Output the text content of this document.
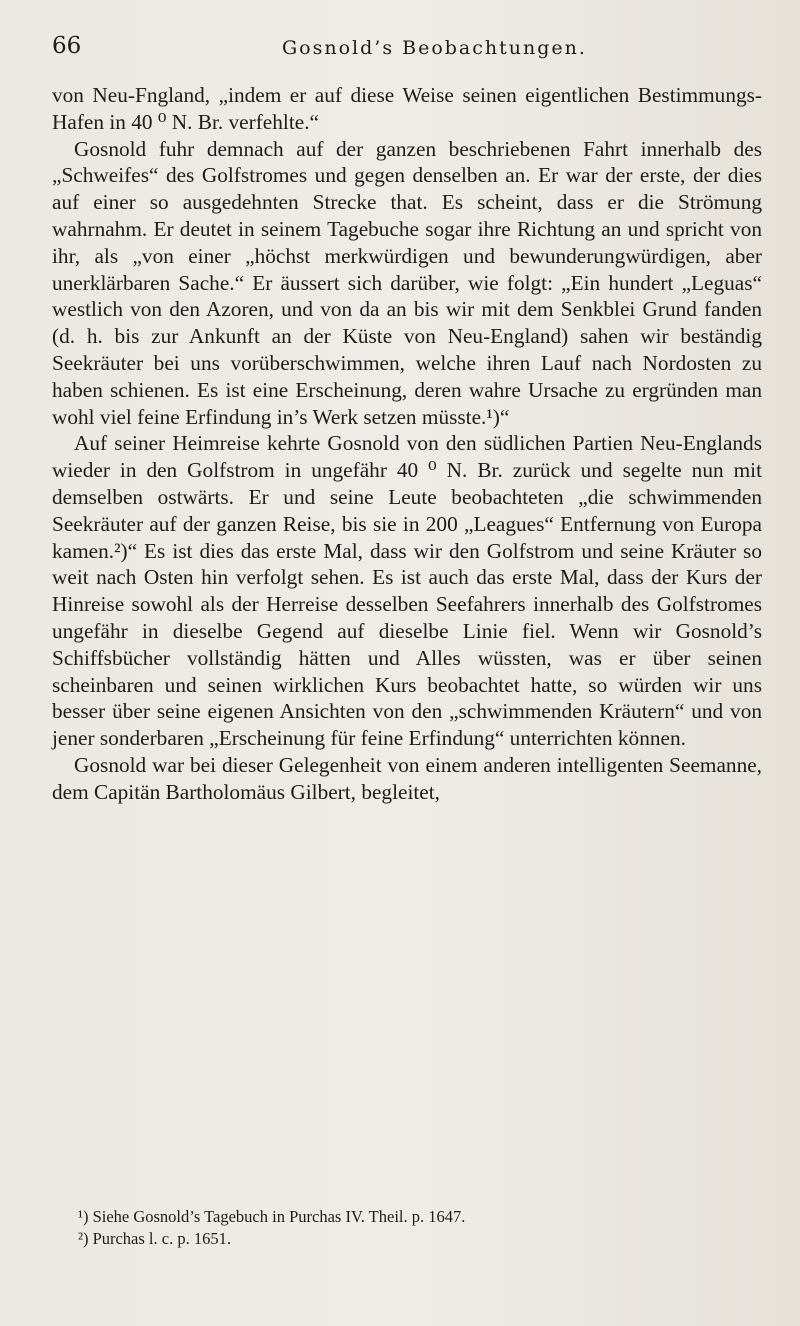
66	Gosnold’s Beobachtungen.

von Neu-Fngland, „indem er auf diese Weise seinen eigentlichen Bestimmungs-Hafen in 40 ⁰ N. Br. verfehlte.“

Gosnold fuhr demnach auf der ganzen beschriebenen Fahrt innerhalb des „Schweifes“ des Golfstromes und gegen denselben an. Er war der erste, der dies auf einer so ausgedehnten Strecke that. Es scheint, dass er die Strömung wahrnahm. Er deutet in seinem Tagebuche sogar ihre Richtung an und spricht von ihr, als „von einer „höchst merkwürdigen und bewunderungwürdigen, aber unerklärbaren Sache.“ Er äussert sich darüber, wie folgt: „Ein hundert „Leguas“ westlich von den Azoren, und von da an bis wir mit dem Senkblei Grund fanden (d. h. bis zur Ankunft an der Küste von Neu-England) sahen wir beständig Seekräuter bei uns vorüberschwimmen, welche ihren Lauf nach Nordosten zu haben schienen. Es ist eine Erscheinung, deren wahre Ursache zu ergründen man wohl viel feine Erfindung in’s Werk setzen müsste.¹)“

Auf seiner Heimreise kehrte Gosnold von den südlichen Partien Neu-Englands wieder in den Golfstrom in ungefähr 40 ⁰ N. Br. zurück und segelte nun mit demselben ostwärts. Er und seine Leute beobachteten „die schwimmenden Seekräuter auf der ganzen Reise, bis sie in 200 „Leagues“ Entfernung von Europa kamen.²)“ Es ist dies das erste Mal, dass wir den Golfstrom und seine Kräuter so weit nach Osten hin verfolgt sehen. Es ist auch das erste Mal, dass der Kurs der Hinreise sowohl als der Herreise desselben Seefahrers innerhalb des Golfstromes ungefähr in dieselbe Gegend auf dieselbe Linie fiel. Wenn wir Gosnold’s Schiffsbücher vollständig hätten und Alles wüssten, was er über seinen scheinbaren und seinen wirklichen Kurs beobachtet hatte, so würden wir uns besser über seine eigenen Ansichten von den „schwimmenden Kräutern“ und von jener sonderbaren „Erscheinung für feine Erfindung“ unterrichten können.

Gosnold war bei dieser Gelegenheit von einem anderen intelligenten Seemanne, dem Capitän Bartholomäus Gilbert, begleitet,

¹) Siehe Gosnold’s Tagebuch in Purchas IV. Theil. p. 1647.
²) Purchas l. c. p. 1651.
